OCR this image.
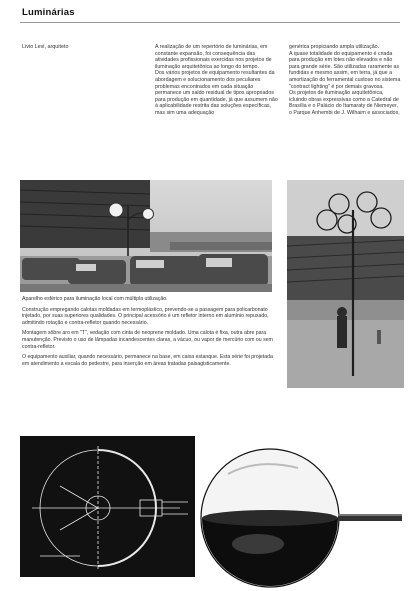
Luminárias
Livio Levi, arquiteto	A realização de um repertório de luminárias, em constante expansão, foi consequência das atividades profissionais exercidas nos projetos de iluminação arquitetônica ao longo do tempo.

Dos vários projetos de equipamento resultantes da abordagem e solucionamento dos peculiares problemas encontrados em cada situação permanece um saldo residual de tipos apropriados para produção em quantidade, já que assumem não à aplicabilidade restrita das soluções específicas, mas sim uma adequação

genérica propiciando ampla utilização.

A quase totalidade do equipamento é criada para produção em lotes não elevados e não para grande série. São utilizadas raramente as fundidas e mesmo assim, em terra, já que a amortização do ferramental custoso no sistema "contract lighting" é por demais gravosa.

Os projetos de iluminação arquitetônica, icluindo obras expressivas como a Catedral de Brasília e o Palácio do Itamaraty de Niemeyer, o Parque Anhembi de J. Wilhaim e associados,

Aparelho esférico para iluminação local com múltipla utilização.

Construção empregando calotas moldadas em termoplástico, prevendo-se a passagem para policarbonato injetado, por suas superiores qualidades. O principal acessório é um refletor interno em alumínio repuxado, admitindo rotação e contra-refletor quando necessário.

Montagem sôbre aro em "T", vedação com cinta de neoprene moldado. Uma calota é fixa, outra abre para manutenção. Previsto o uso de lâmpadas incandescentes claras, a vácuo, ou vapor de mercúrio com ou sem contra-refletor.

O equipamento auxiliar, quando necessário, permanece na base, em caixa estanque. Esta série foi projetada em atendimento a escala do pedestre, para inserção em áreas tratadas paisagisticamente.
